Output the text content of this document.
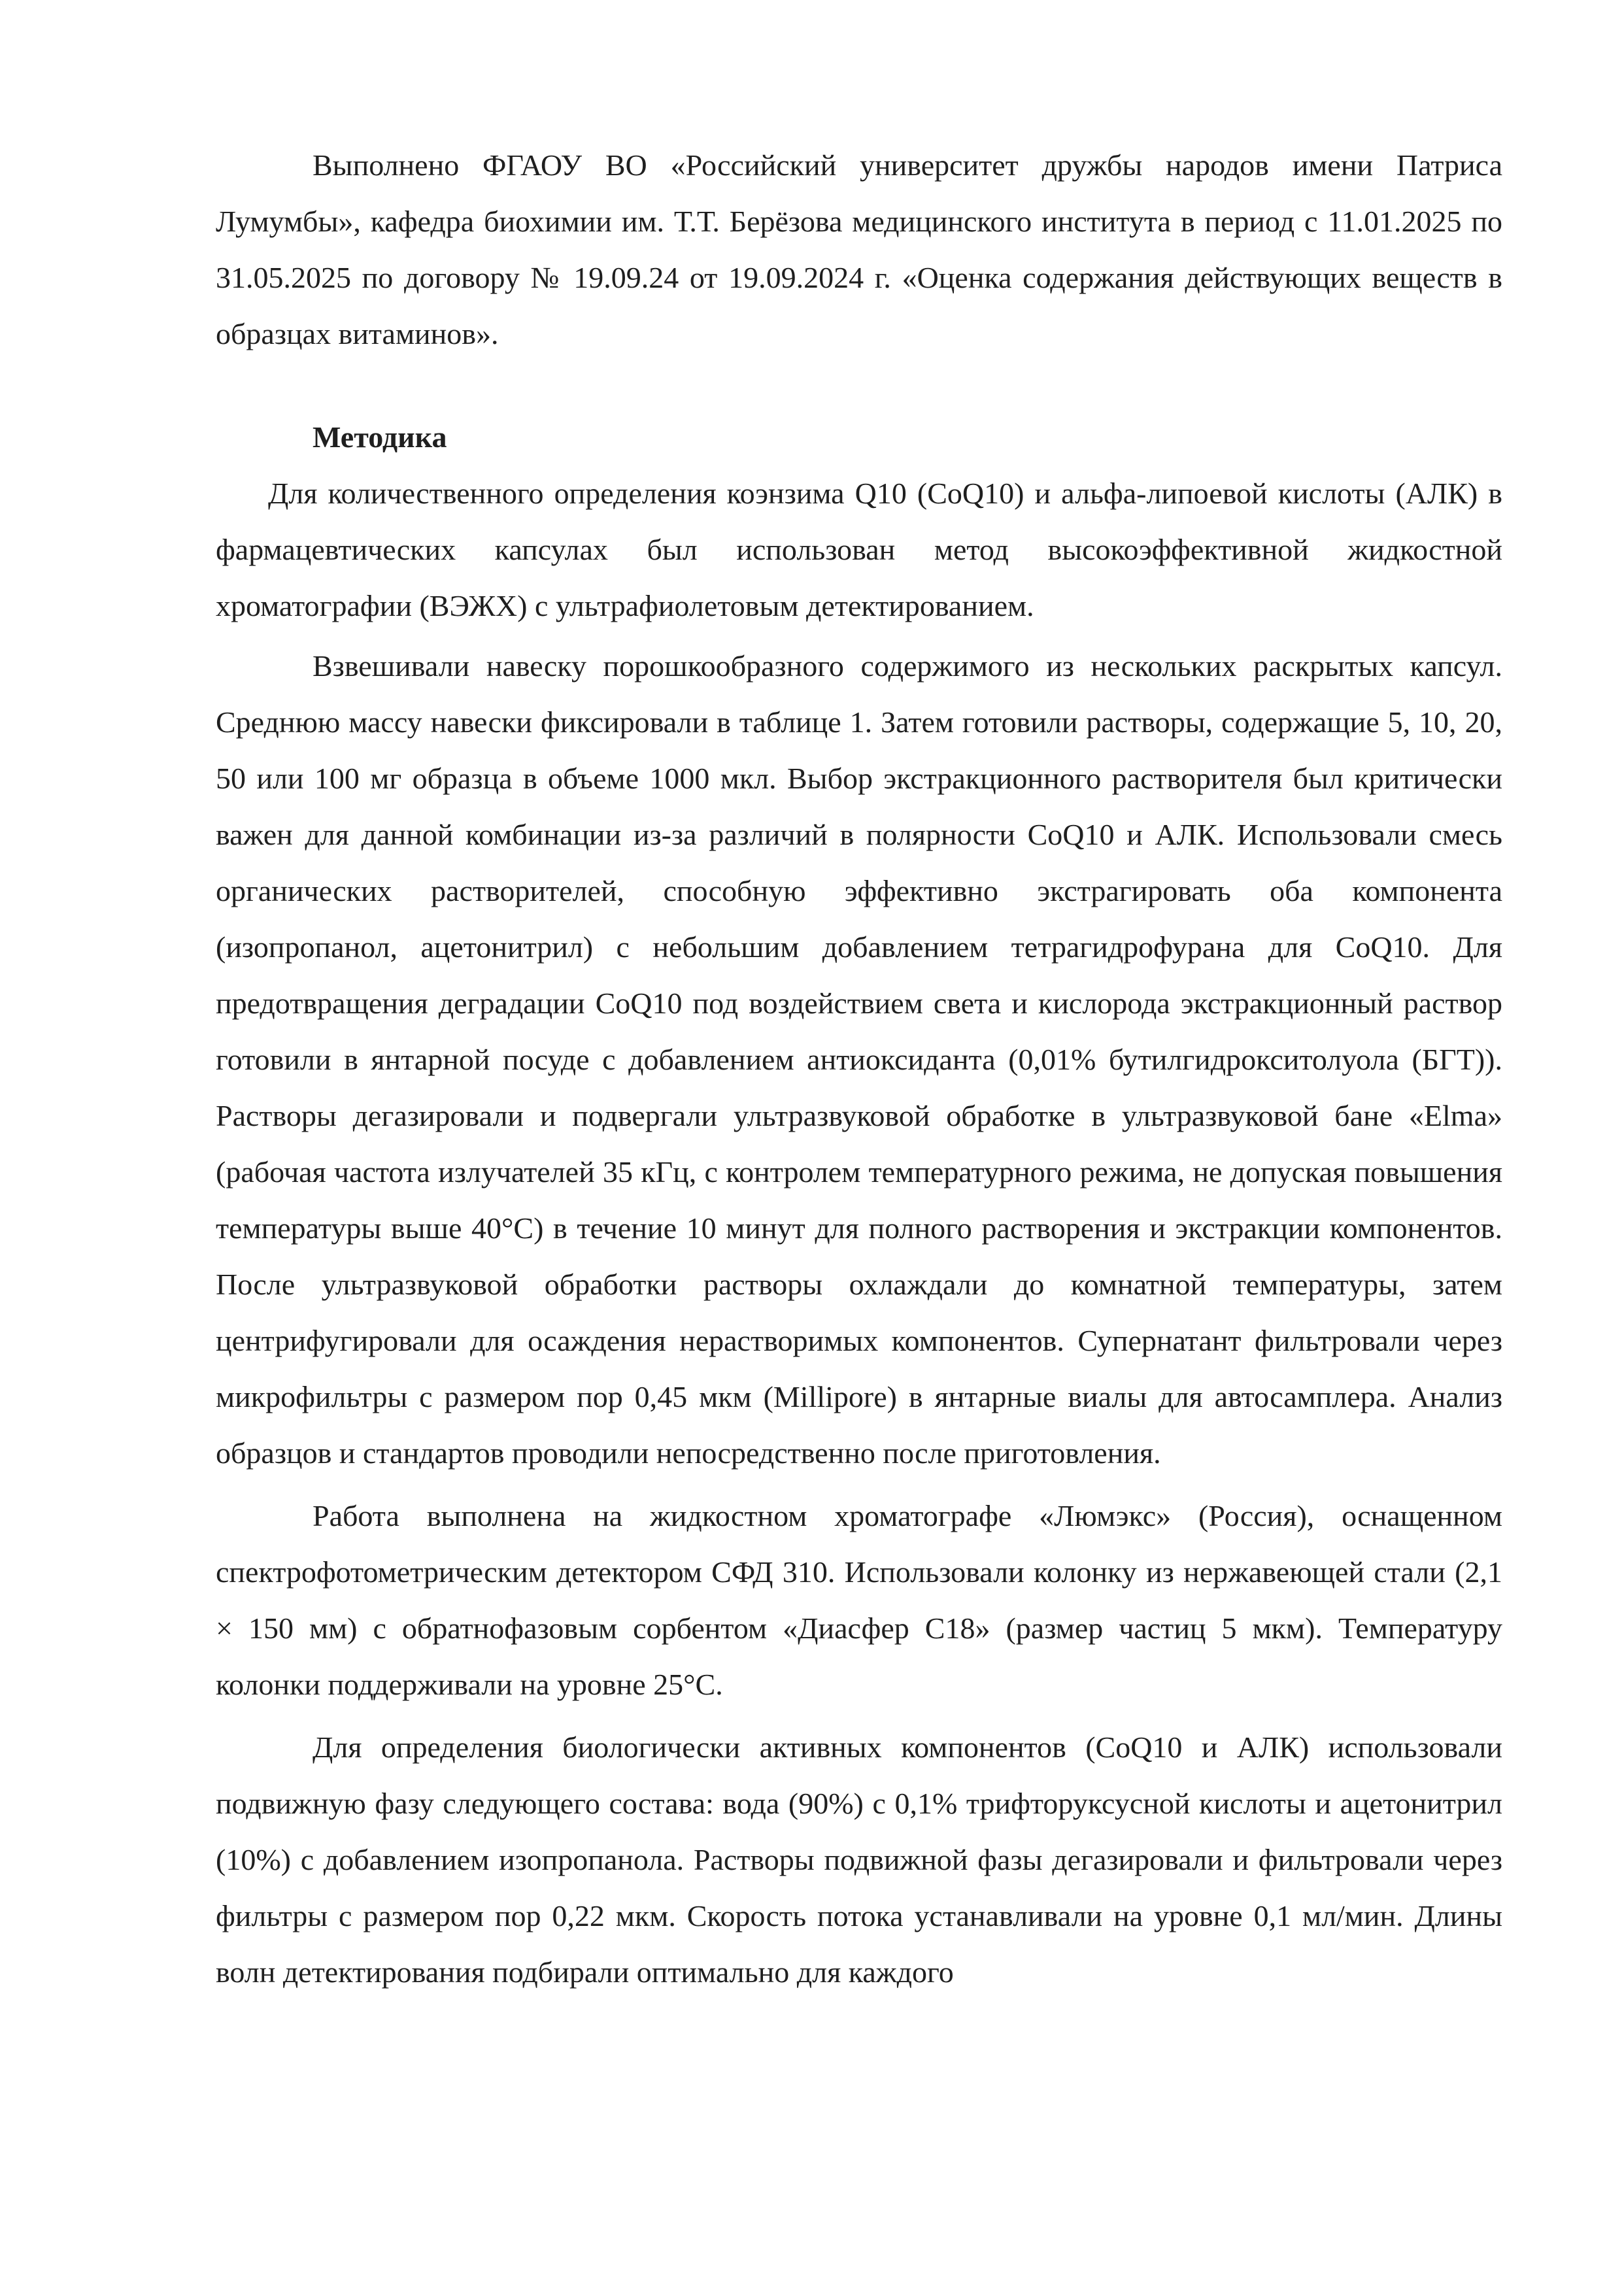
Выполнено ФГАОУ ВО «Российский университет дружбы народов имени Патриса Лумумбы», кафедра биохимии им. Т.Т. Берёзова медицинского института в период с 11.01.2025 по 31.05.2025 по договору № 19.09.24 от 19.09.2024 г. «Оценка содержания действующих веществ в образцах витаминов».

Методика

Для количественного определения коэнзима Q10 (CoQ10) и альфа-липоевой кислоты (АЛК) в фармацевтических капсулах был использован метод высокоэффективной жидкостной хроматографии (ВЭЖХ) с ультрафиолетовым детектированием.

Взвешивали навеску порошкообразного содержимого из нескольких раскрытых капсул. Среднюю массу навески фиксировали в таблице 1. Затем готовили растворы, содержащие 5, 10, 20, 50 или 100 мг образца в объеме 1000 мкл. Выбор экстракционного растворителя был критически важен для данной комбинации из-за различий в полярности CoQ10 и АЛК. Использовали смесь органических растворителей, способную эффективно экстрагировать оба компонента (изопропанол, ацетонитрил) с небольшим добавлением тетрагидрофурана для CoQ10. Для предотвращения деградации CoQ10 под воздействием света и кислорода экстракционный раствор готовили в янтарной посуде с добавлением антиоксиданта (0,01% бутилгидрокситолуола (БГТ)). Растворы дегазировали и подвергали ультразвуковой обработке в ультразвуковой бане «Elma» (рабочая частота излучателей 35 кГц, с контролем температурного режима, не допуская повышения температуры выше 40°С) в течение 10 минут для полного растворения и экстракции компонентов. После ультразвуковой обработки растворы охлаждали до комнатной температуры, затем центрифугировали для осаждения нерастворимых компонентов. Супернатант фильтровали через микрофильтры с размером пор 0,45 мкм (Millipore) в янтарные виалы для автосамплера. Анализ образцов и стандартов проводили непосредственно после приготовления.

Работа выполнена на жидкостном хроматографе «Люмэкс» (Россия), оснащенном спектрофотометрическим детектором СФД 310. Использовали колонку из нержавеющей стали (2,1 × 150 мм) с обратнофазовым сорбентом «Диасфер С18» (размер частиц 5 мкм). Температуру колонки поддерживали на уровне 25°С.

Для определения биологически активных компонентов (CoQ10 и АЛК) использовали подвижную фазу следующего состава: вода (90%) с 0,1% трифторуксусной кислоты и ацетонитрил (10%) с добавлением изопропанола. Растворы подвижной фазы дегазировали и фильтровали через фильтры с размером пор 0,22 мкм. Скорость потока устанавливали на уровне 0,1 мл/мин. Длины волн детектирования подбирали оптимально для каждого
